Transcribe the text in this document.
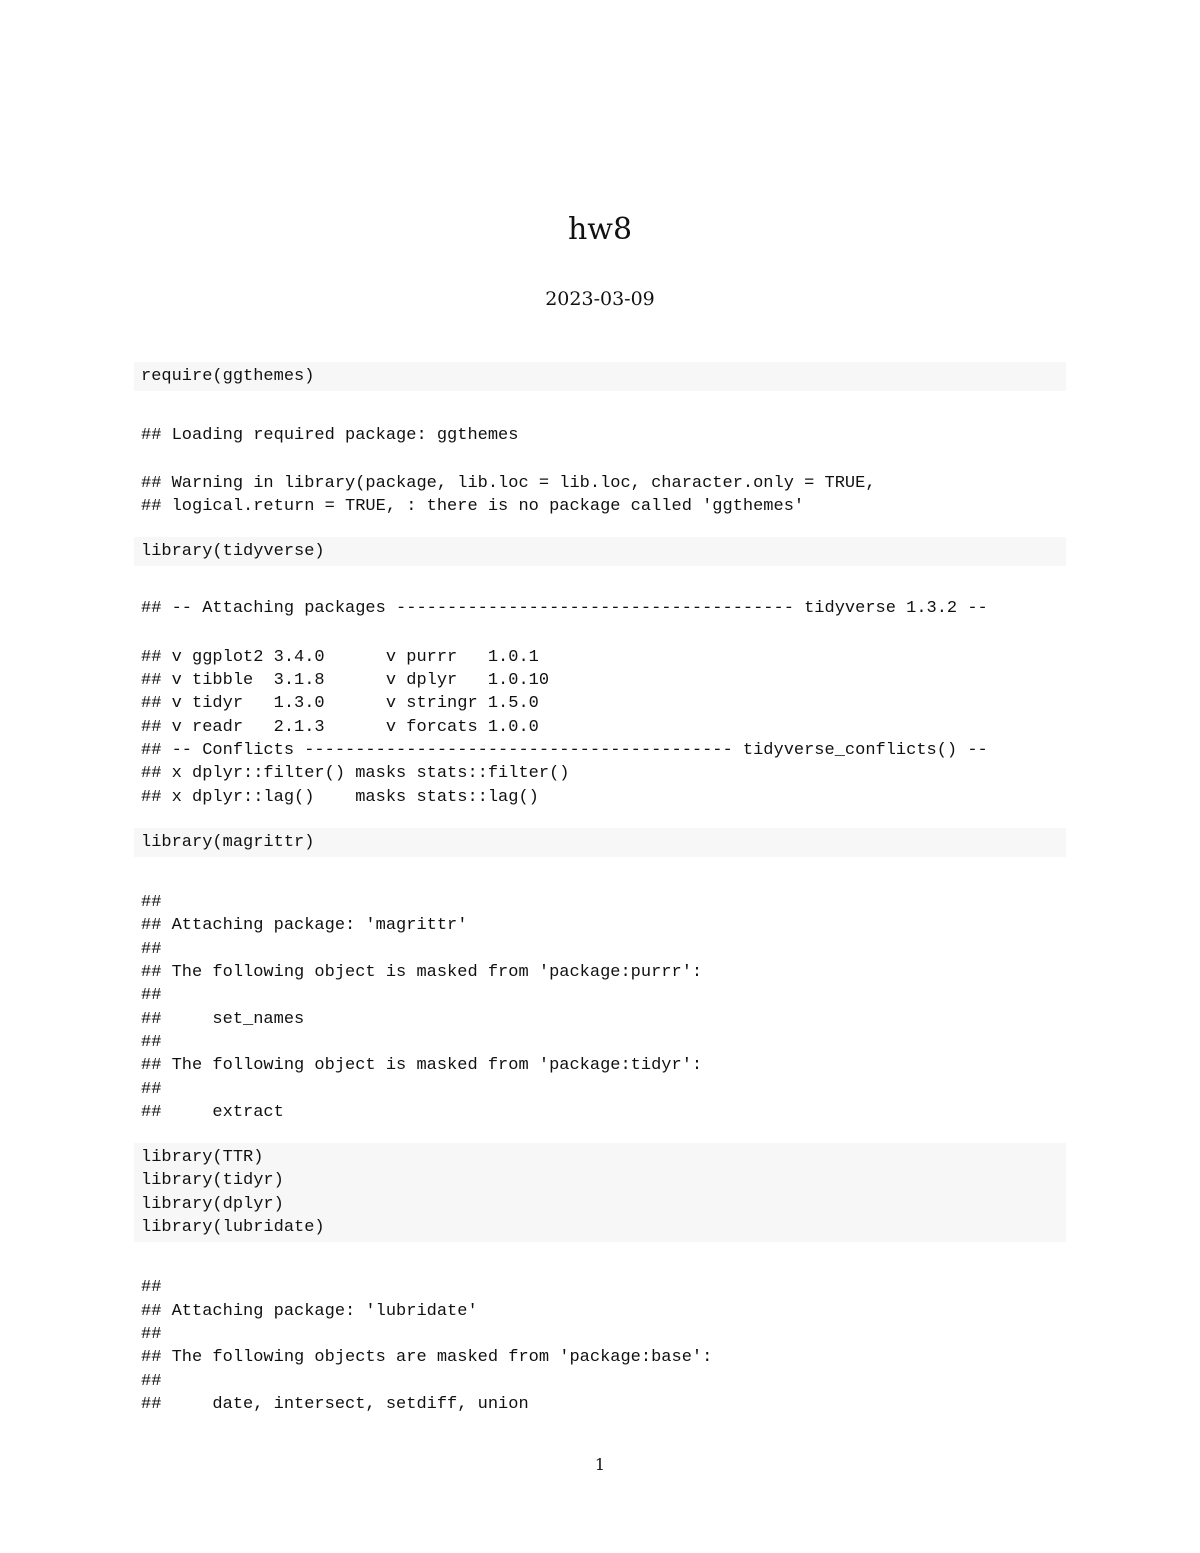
hw8
2023-03-09
require(ggthemes)
## Loading required package: ggthemes
## Warning in library(package, lib.loc = lib.loc, character.only = TRUE,
## logical.return = TRUE, : there is no package called 'ggthemes'
library(tidyverse)
## -- Attaching packages --------------------------------------- tidyverse 1.3.2 --
## v ggplot2 3.4.0      v purrr   1.0.1
## v tibble  3.1.8      v dplyr   1.0.10
## v tidyr   1.3.0      v stringr 1.5.0
## v readr   2.1.3      v forcats 1.0.0
## -- Conflicts ------------------------------------------ tidyverse_conflicts() --
## x dplyr::filter() masks stats::filter()
## x dplyr::lag()    masks stats::lag()
library(magrittr)
##
## Attaching package: 'magrittr'
##
## The following object is masked from 'package:purrr':
##
##     set_names
##
## The following object is masked from 'package:tidyr':
##
##     extract
library(TTR)
library(tidyr)
library(dplyr)
library(lubridate)
##
## Attaching package: 'lubridate'
##
## The following objects are masked from 'package:base':
##
##     date, intersect, setdiff, union
1
